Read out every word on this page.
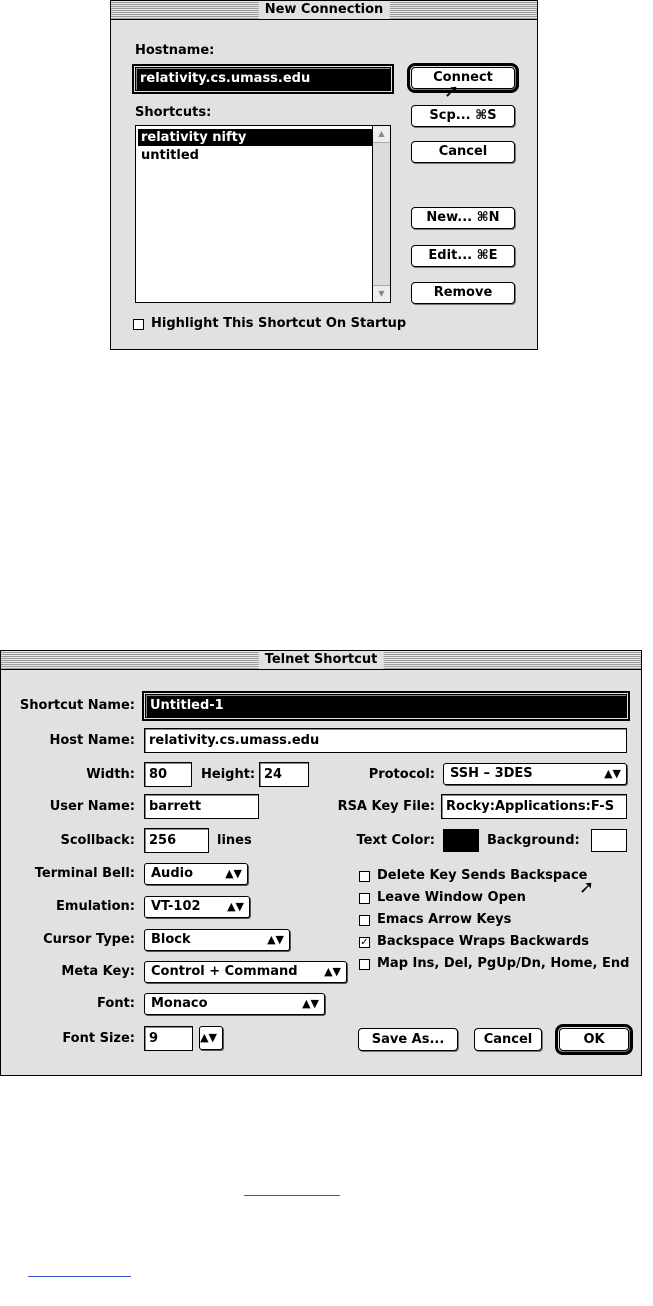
New Connection
Hostname:
relativity.cs.umass.edu
Shortcuts:
relativity nifty
untitled
▲
▼
Connect
Scp... ⌘S
Cancel
New... ⌘N
Edit... ⌘E
Remove
Highlight This Shortcut On Startup
➚
Telnet Shortcut
Shortcut Name:	Untitled-1
Host Name:	relativity.cs.umass.edu
Width:	80	Height: 24	Protocol:	SSH – 3DES	▲▼
User Name:	barrett	RSA Key File: Rocky:Applications:F-S
Scollback:	256	lines	Text Color:	Background:
Terminal Bell:	Audio	▲▼
Emulation:	VT-102 ▲▼
Cursor Type:	Block	▲▼
Meta Key:	Control + Command ▲▼
Font:	Monaco	▲▼
Font Size:	9	▲▼
Delete Key Sends Backspace
Leave Window Open
Emacs Arrow Keys
✓ Backspace Wraps Backwards
Map Ins, Del, PgUp/Dn, Home, End
➚
Save As...	Cancel	OK
